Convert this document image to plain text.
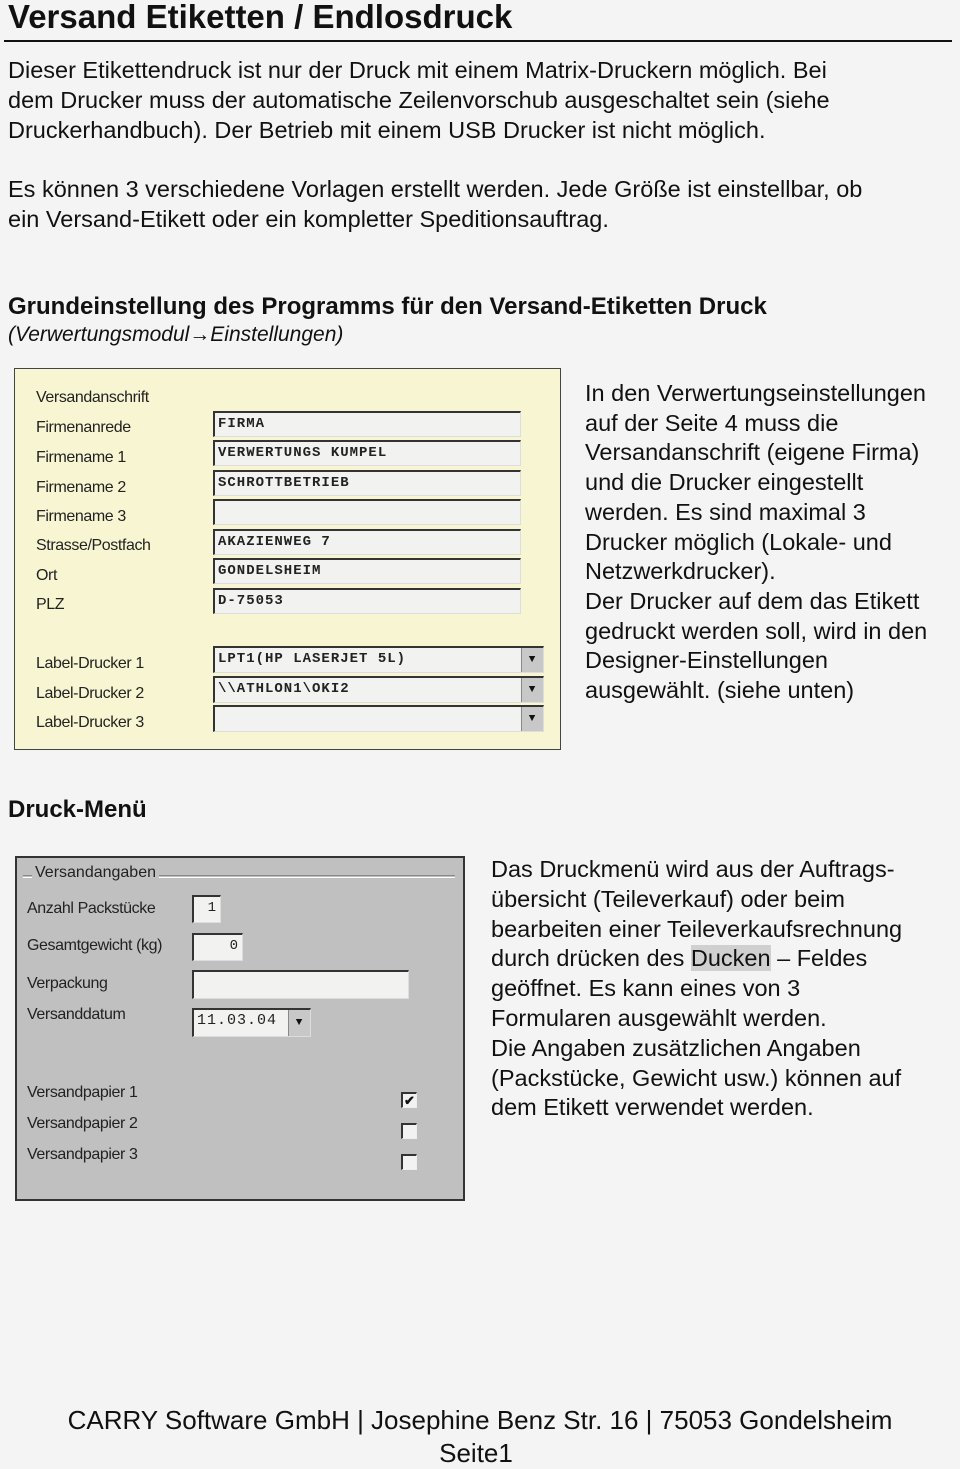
Versand Etiketten / Endlosdruck
Dieser Etikettendruck ist nur der Druck mit einem Matrix-Druckern möglich. Bei
dem Drucker muss der automatische Zeilenvorschub ausgeschaltet sein (siehe
Druckerhandbuch). Der Betrieb mit einem USB Drucker ist nicht möglich.
Es können 3 verschiedene Vorlagen erstellt werden. Jede Größe ist einstellbar, ob
ein Versand-Etikett oder ein kompletter Speditionsauftrag.
Grundeinstellung des Programms für den Versand-Etiketten Druck
(Verwertungsmodul→Einstellungen)
Versandanschrift
Firmenanrede	FIRMA
Firmename 1	VERWERTUNGS KUMPEL
Firmename 2	SCHROTTBETRIEB
Firmename 3
Strasse/Postfach	AKAZIENWEG 7
Ort	GONDELSHEIM
PLZ	D-75053
Label-Drucker 1	LPT1(HP LASERJET 5L)	▼
Label-Drucker 2	\\ATHLON1\OKI2	▼
Label-Drucker 3	▼
In den Verwertungseinstellungen
auf der Seite 4 muss die
Versandanschrift (eigene Firma)
und die Drucker eingestellt
werden. Es sind maximal 3
Drucker möglich (Lokale- und
Netzwerkdrucker).
Der Drucker auf dem das Etikett
gedruckt werden soll, wird in den
Designer-Einstellungen
ausgewählt. (siehe unten)
Druck-Menü
Versandangaben
Anzahl Packstücke	1
Gesamtgewicht (kg)	0
Verpackung
Versanddatum	11.03.04	▼
Versandpapier 1	✔
Versandpapier 2
Versandpapier 3
Das Druckmenü wird aus der Auftrags-
übersicht (Teileverkauf) oder beim
bearbeiten einer Teileverkaufsrechnung
durch drücken des Ducken – Feldes
geöffnet. Es kann eines von 3
Formularen ausgewählt werden.
Die Angaben zusätzlichen Angaben
(Packstücke, Gewicht usw.) können auf
dem Etikett verwendet werden.
CARRY Software GmbH | Josephine Benz Str. 16 | 75053 Gondelsheim
Seite1
